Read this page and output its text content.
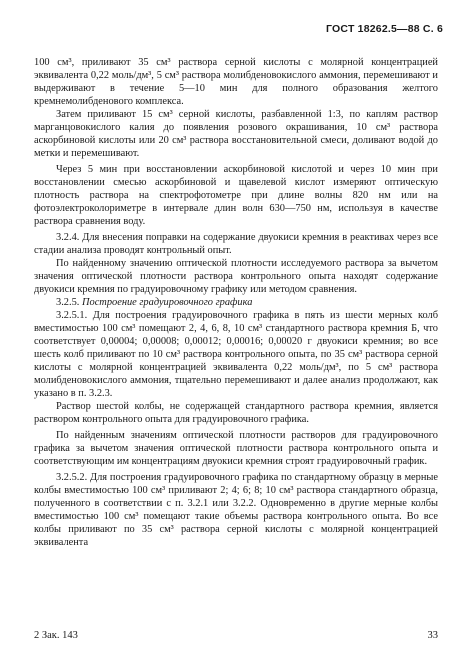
ГОСТ 18262.5—88 С. 6

100 см³, приливают 35 см³ раствора серной кислоты с молярной концентрацией эквивалента 0,22 моль/дм³, 5 см³ раствора молибденовокислого аммония, перемешивают и выдерживают в течение 5—10 мин для полного образования желтого кремнемолибденового комплекса.

Затем приливают 15 см³ серной кислоты, разбавленной 1:3, по каплям раствор марганцовокислого калия до появления розового окрашивания, 10 см³ раствора аскорбиновой кислоты или 20 см³ раствора восстановительной смеси, доливают водой до метки и перемешивают.

Через 5 мин при восстановлении аскорбиновой кислотой и через 10 мин при восстановлении смесью аскорбиновой и щавелевой кислот измеряют оптическую плотность раствора на спектрофотометре при длине волны 820 нм или на фотоэлектроколориметре в интервале длин волн 630—750 нм, используя в качестве раствора сравнения воду.

3.2.4. Для внесения поправки на содержание двуокиси кремния в реактивах через все стадии анализа проводят контрольный опыт.

По найденному значению оптической плотности исследуемого раствора за вычетом значения оптической плотности раствора контрольного опыта находят содержание двуокиси кремния по градуировочному графику или методом сравнения.

3.2.5. Построение градуировочного графика

3.2.5.1. Для построения градуировочного графика в пять из шести мерных колб вместимостью 100 см³ помещают 2, 4, 6, 8, 10 см³ стандартного раствора кремния Б, что соответствует 0,00004; 0,00008; 0,00012; 0,00016; 0,00020 г двуокиси кремния; во все шесть колб приливают по 10 см³ раствора контрольного опыта, по 35 см³ раствора серной кислоты с молярной концентрацией эквивалента 0,22 моль/дм³, по 5 см³ раствора молибденовокислого аммония, тщательно перемешивают и далее анализ продолжают, как указано в п. 3.2.3.

Раствор шестой колбы, не содержащей стандартного раствора кремния, является раствором контрольного опыта для градуировочного графика.

По найденным значениям оптической плотности растворов для градуировочного графика за вычетом значения оптической плотности раствора контрольного опыта и соответствующим им концентрациям двуокиси кремния строят градуировочный график.

3.2.5.2. Для построения градуировочного графика по стандартному образцу в мерные колбы вместимостью 100 см³ приливают 2; 4; 6; 8; 10 см³ раствора стандартного образца, полученного в соответствии с п. 3.2.1 или 3.2.2. Одновременно в другие мерные колбы вместимостью 100 см³ помещают такие объемы раствора контрольного опыта. Во все колбы приливают по 35 см³ раствора серной кислоты с молярной концентрацией эквивалента

2 Зак. 143	33
